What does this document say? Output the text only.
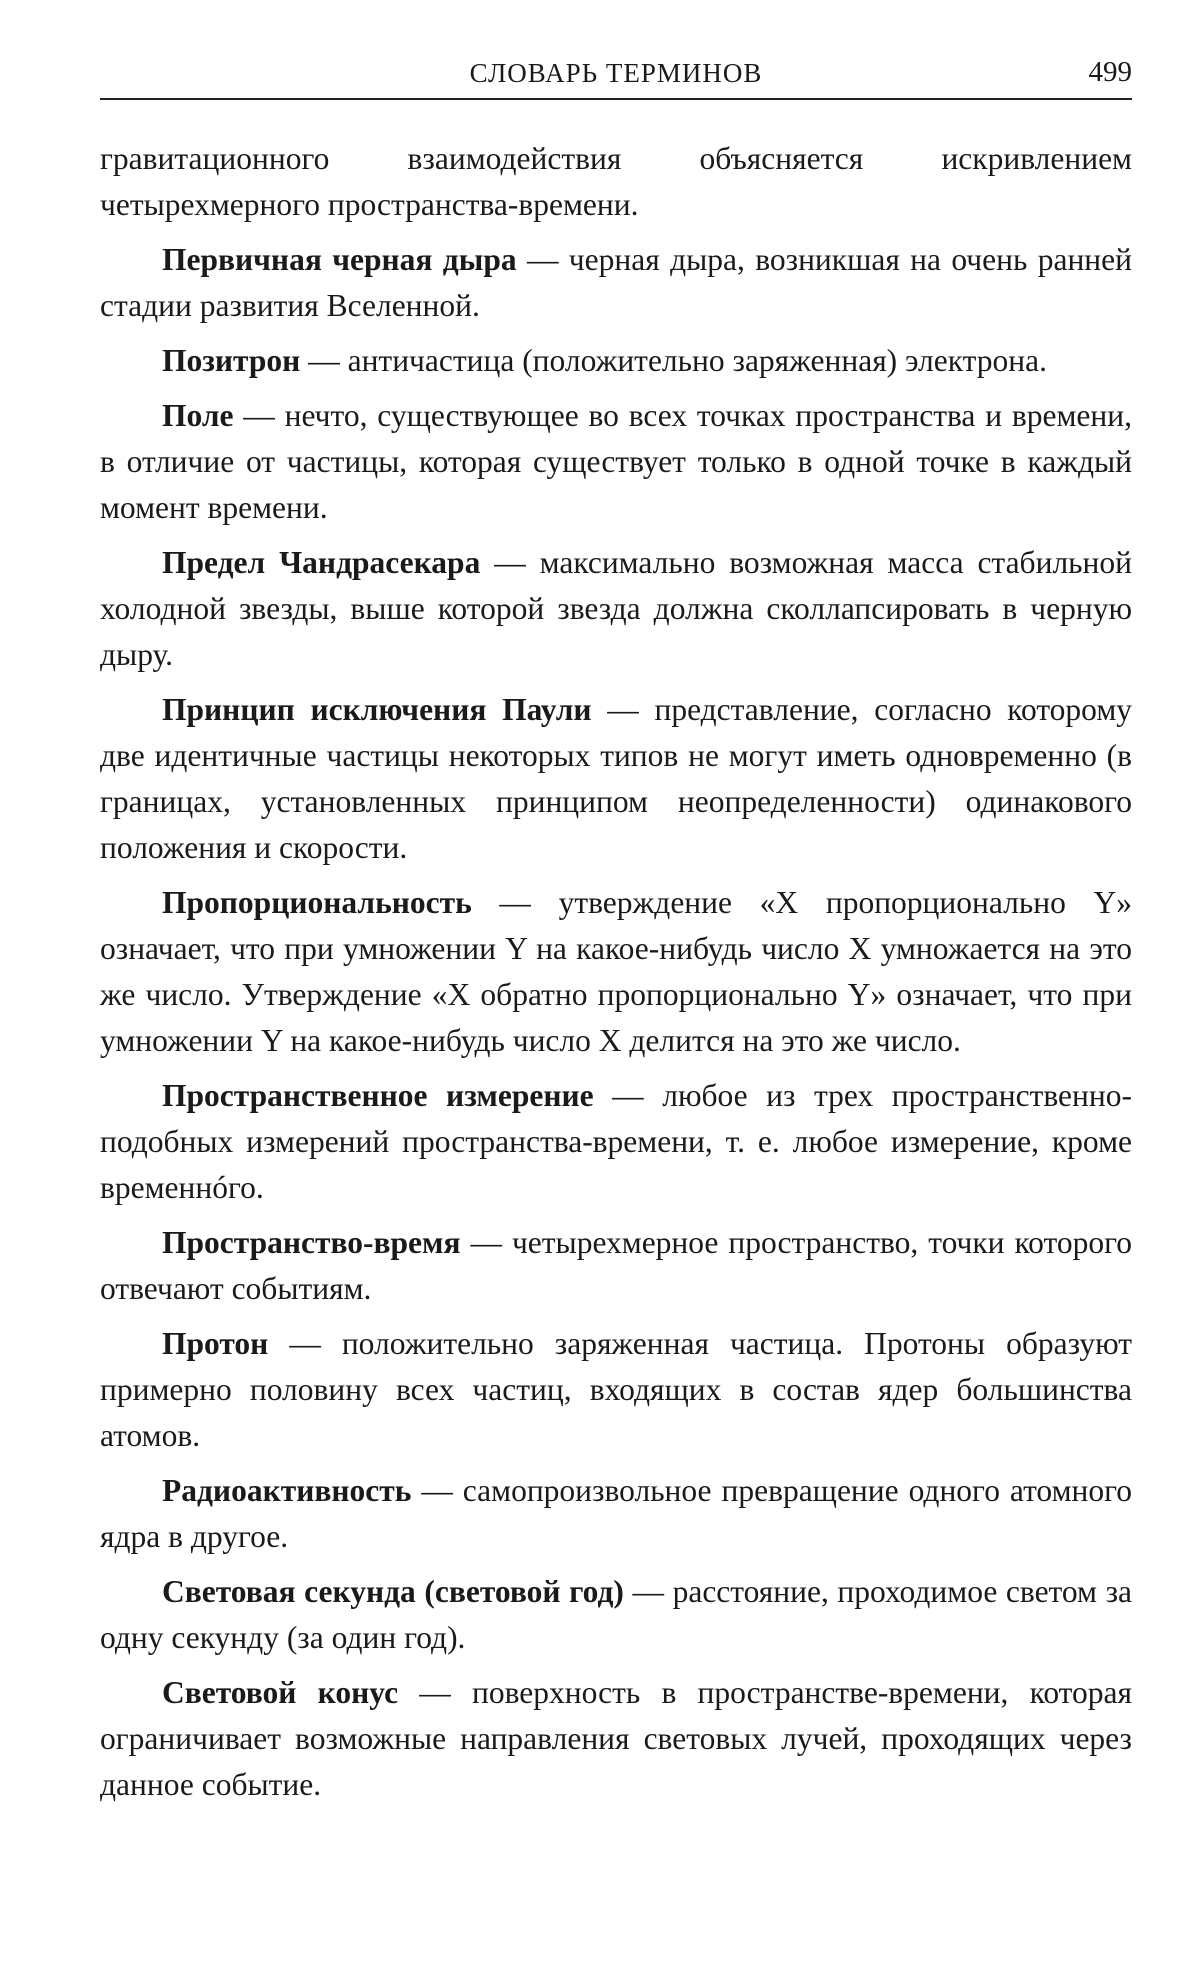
СЛОВАРЬ ТЕРМИНОВ	499

гравитационного взаимодействия объясняется искривлением четырехмерного пространства-времени.

Первичная черная дыра — черная дыра, возникшая на очень ранней стадии развития Вселенной.

Позитрон — античастица (положительно заряженная) электрона.

Поле — нечто, существующее во всех точках пространства и времени, в отличие от частицы, которая существует только в одной точке в каждый момент времени.

Предел Чандрасекара — максимально возможная масса стабильной холодной звезды, выше которой звезда должна сколлапсировать в черную дыру.

Принцип исключения Паули — представление, согласно которому две идентичные частицы некоторых типов не могут иметь одновременно (в границах, установленных принципом неопределенности) одинакового положения и скорости.

Пропорциональность — утверждение «X пропорционально Y» означает, что при умножении Y на какое-нибудь число X умножается на это же число. Утверждение «X обратно пропорционально Y» означает, что при умножении Y на какое-нибудь число X делится на это же число.

Пространственное измерение — любое из трех пространственно-подобных измерений пространства-времени, т. е. любое измерение, кроме временнóго.

Пространство-время — четырехмерное пространство, точки которого отвечают событиям.

Протон — положительно заряженная частица. Протоны образуют примерно половину всех частиц, входящих в состав ядер большинства атомов.

Радиоактивность — самопроизвольное превращение одного атомного ядра в другое.

Световая секунда (световой год) — расстояние, проходимое светом за одну секунду (за один год).

Световой конус — поверхность в пространстве-времени, которая ограничивает возможные направления световых лучей, проходящих через данное событие.
